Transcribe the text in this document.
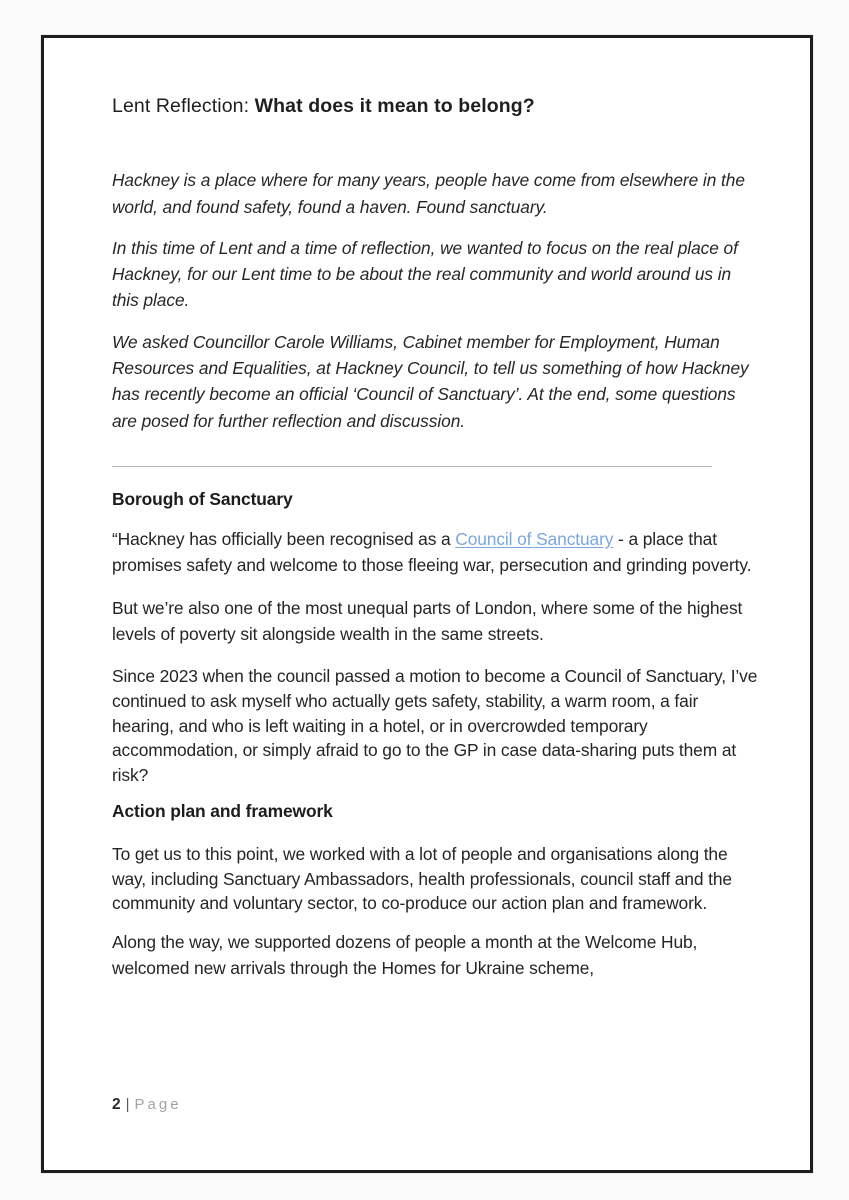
Lent Reflection: What does it mean to belong?

Hackney is a place where for many years, people have come from elsewhere in the world, and found safety, found a haven. Found sanctuary.

In this time of Lent and a time of reflection, we wanted to focus on the real place of Hackney, for our Lent time to be about the real community and world around us in this place.

We asked Councillor Carole Williams, Cabinet member for Employment, Human Resources and Equalities, at Hackney Council, to tell us something of how Hackney has recently become an official ‘Council of Sanctuary’. At the end, some questions are posed for further reflection and discussion.

Borough of Sanctuary

“Hackney has officially been recognised as a Council of Sanctuary - a place that promises safety and welcome to those fleeing war, persecution and grinding poverty.

But we’re also one of the most unequal parts of London, where some of the highest levels of poverty sit alongside wealth in the same streets.

Since 2023 when the council passed a motion to become a Council of Sanctuary, I’ve continued to ask myself who actually gets safety, stability, a warm room, a fair hearing, and who is left waiting in a hotel, or in overcrowded temporary accommodation, or simply afraid to go to the GP in case data-sharing puts them at risk?

Action plan and framework

To get us to this point, we worked with a lot of people and organisations along the way, including Sanctuary Ambassadors, health professionals, council staff and the community and voluntary sector, to co-produce our action plan and framework.

Along the way, we supported dozens of people a month at the Welcome Hub, welcomed new arrivals through the Homes for Ukraine scheme,

2 | Page
